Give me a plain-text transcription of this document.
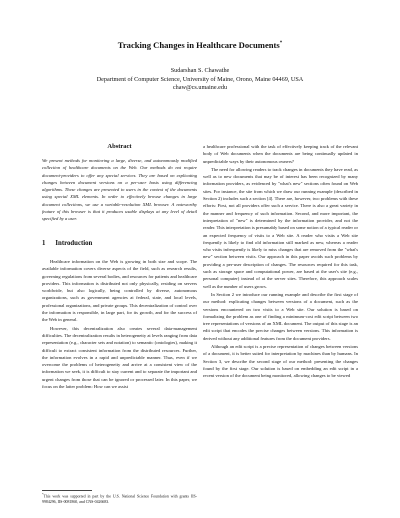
Tracking Changes in Healthcare Documents*
Sudarshan S. Chawathe
Department of Computer Science, University of Maine, Orono, Maine 04469, USA
chaw@cs.umaine.edu
Abstract
We present methods for monitoring a large, diverse, and autonomously modified collection of healthcare documents on the Web. Our methods do not require document-providers to offer any special services. They are based on explicating changes between document versions on a per-user basis using differencing algorithms. These changes are presented to users in the context of the documents using special XML elements. In order to effectively browse changes in large document collections, we use a variable-resolution XML browser. A noteworthy feature of this browser is that it produces usable displays at any level of detail specified by a user.
1 Introduction

Healthcare information on the Web is growing in both size and scope. The available information covers diverse aspects of the field, such as research results, governing regulations from several bodies, and resources for patients and healthcare providers. This information is distributed not only physically, residing on servers worldwide, but also logically, being controlled by diverse, autonomous organizations, such as government agencies at federal, state, and local levels, professional organizations, and private groups. This decentralization of control over the information is responsible, in large part, for its growth, and for the success of the Web in general.

However, this decentralization also creates several data-management difficulties. The decentralization results in heterogeneity at levels ranging from data representation (e.g., character sets and notation) to semantic (ontologies), making it difficult to extract consistent information from the distributed resources. Further, the information evolves in a rapid and unpredictable manner. Thus, even if we overcome the problems of heterogeneity and arrive at a consistent view of the information we seek, it is difficult to stay current and to separate the important and urgent changes from those that can be ignored or processed later. In this paper, we focus on the latter problem: How can we assist

*This work was supported in part by the U.S. National Science Foundation with grants IIS-9984296, IIS-0081860, and CNS-0426683.

a healthcare professional with the task of effectively keeping track of the relevant body of Web documents when the documents are being continually updated in unpredictable ways by their autonomous owners?

The need for allowing readers to track changes in documents they have read, as well as to new documents that may be of interest has been recognized by many information providers, as evidenced by "what's new" sections often found on Web sites. For instance, the site from which we draw our running example (described in Section 2) includes such a section [4]. There are, however, two problems with these efforts: First, not all providers offer such a service. There is also a great variety in the manner and frequency of such information. Second, and more important, the interpretation of "new" is determined by the information provider, and not the reader. This interpretation is presumably based on some notion of a typical reader or an expected frequency of visits to a Web site. A reader who visits a Web site frequently is likely to find old information still marked as new, whereas a reader who visits infrequently is likely to miss changes that are removed from the "what's new" section between visits. Our approach in this paper avoids such problems by providing a per-user description of changes. The resources required for this task, such as storage space and computational power, are based at the user's site (e.g., personal computer) instead of at the server sites. Therefore, this approach scales well as the number of users grows.

In Section 2 we introduce our running example and describe the first stage of our method: explicating changes between versions of a document, such as the versions encountered on two visits to a Web site. Our solution is based on formalizing the problem as one of finding a minimum-cost edit script between two tree representations of versions of an XML document. The output of this stage is an edit script that encodes the precise changes between versions. This information is derived without any additional features from the document providers.

Although an edit script is a precise representation of changes between versions of a document, it is better suited for interpretation by machines than by humans. In Section 3, we describe the second stage of our method: presenting the changes found by the first stage. Our solution is based on embedding an edit script in a recent version of the document being monitored, allowing changes to be viewed
